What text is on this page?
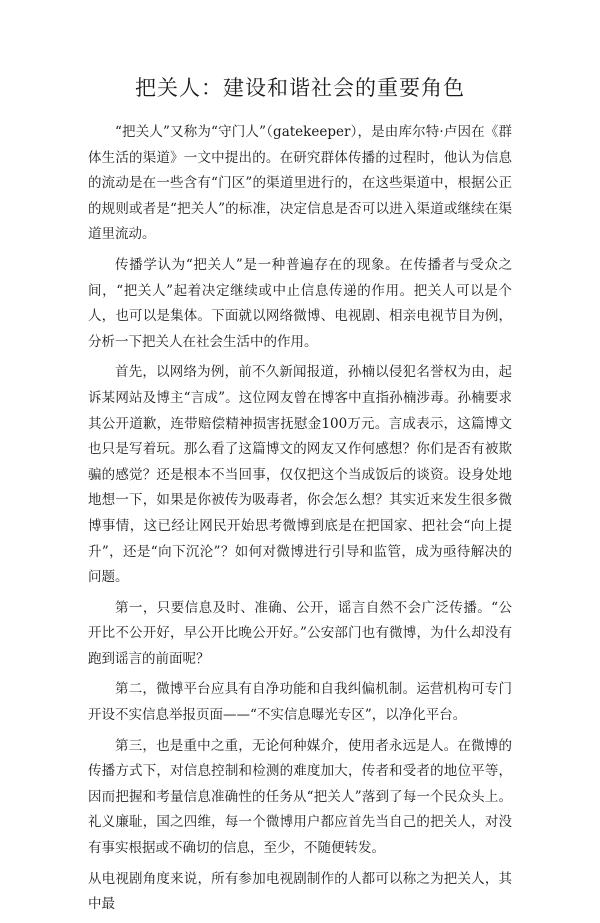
把关人：建设和谐社会的重要角色

“把关人”又称为“守门人”（gatekeeper），是由库尔特·卢因在《群体生活的渠道》一文中提出的。在研究群体传播的过程时，他认为信息的流动是在一些含有“门区”的渠道里进行的，在这些渠道中，根据公正的规则或者是“把关人”的标准，决定信息是否可以进入渠道或继续在渠道里流动。

传播学认为“把关人”是一种普遍存在的现象。在传播者与受众之间，“把关人”起着决定继续或中止信息传递的作用。把关人可以是个人，也可以是集体。下面就以网络微博、电视剧、相亲电视节目为例，分析一下把关人在社会生活中的作用。

首先，以网络为例，前不久新闻报道，孙楠以侵犯名誉权为由，起诉某网站及博主“言成”。这位网友曾在博客中直指孙楠涉毒。孙楠要求其公开道歉，连带赔偿精神损害抚慰金100万元。言成表示，这篇博文也只是写着玩。那么看了这篇博文的网友又作何感想？你们是否有被欺骗的感觉？还是根本不当回事，仅仅把这个当成饭后的谈资。设身处地地想一下，如果是你被传为吸毒者，你会怎么想？其实近来发生很多微博事情，这已经让网民开始思考微博到底是在把国家、把社会“向上提升”，还是“向下沉沦”？如何对微博进行引导和监管，成为亟待解决的问题。

第一，只要信息及时、准确、公开，谣言自然不会广泛传播。“公开比不公开好，早公开比晚公开好。”公安部门也有微博，为什么却没有跑到谣言的前面呢？

第二，微博平台应具有自净功能和自我纠偏机制。运营机构可专门开设不实信息举报页面——“不实信息曝光专区”，以净化平台。

第三，也是重中之重，无论何种媒介，使用者永远是人。在微博的传播方式下，对信息控制和检测的难度加大，传者和受者的地位平等，因而把握和考量信息准确性的任务从“把关人”落到了每一个民众头上。礼义廉耻，国之四维，每一个微博用户都应首先当自己的把关人，对没有事实根据或不确切的信息，至少，不随便转发。

从电视剧角度来说，所有参加电视剧制作的人都可以称之为把关人，其中最
